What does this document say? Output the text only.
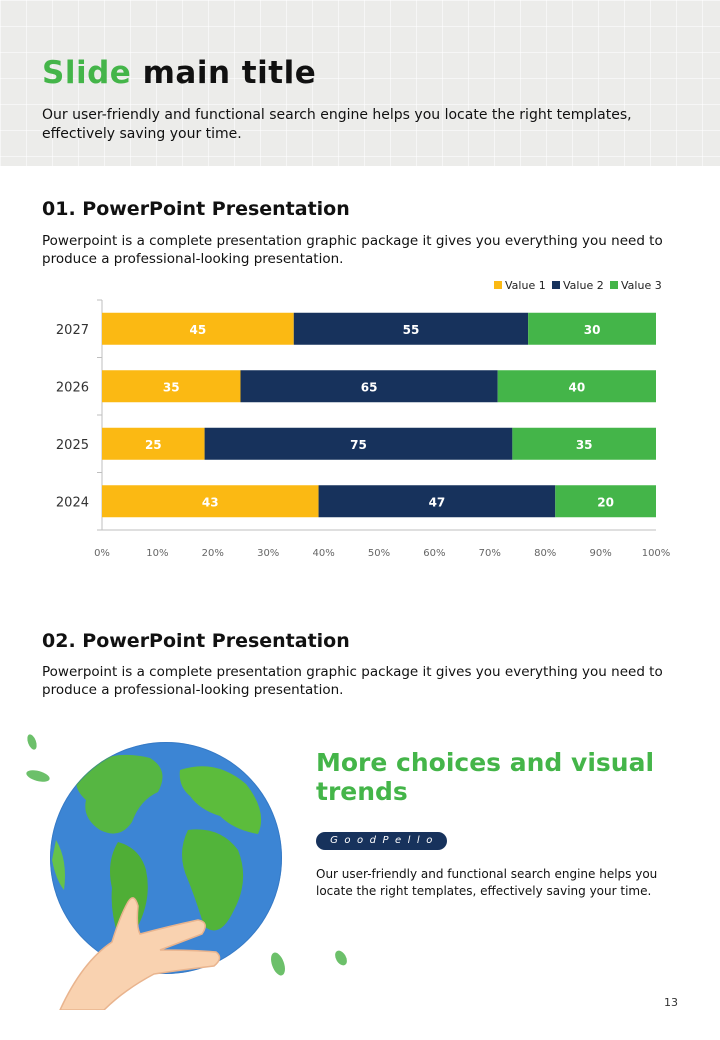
Slide main title
Our user-friendly and functional search engine helps you locate the right templates, effectively saving your time.
01. PowerPoint Presentation
Powerpoint is a complete presentation graphic package it gives you everything you need to produce a professional-looking presentation.
Value 1 Value 2 Value 3
0%	10%	20%	30%	40%	50%	60%	70%	80%	90%	100%
2027	45	55	30
2026	35	65	40
2025	25	75	35
2024	43	47	20
02. PowerPoint Presentation
Powerpoint is a complete presentation graphic package it gives you everything you need to produce a professional-looking presentation.
More choices and visual trends
GoodPello
Our user-friendly and functional search engine helps you locate the right templates, effectively saving your time.
13
